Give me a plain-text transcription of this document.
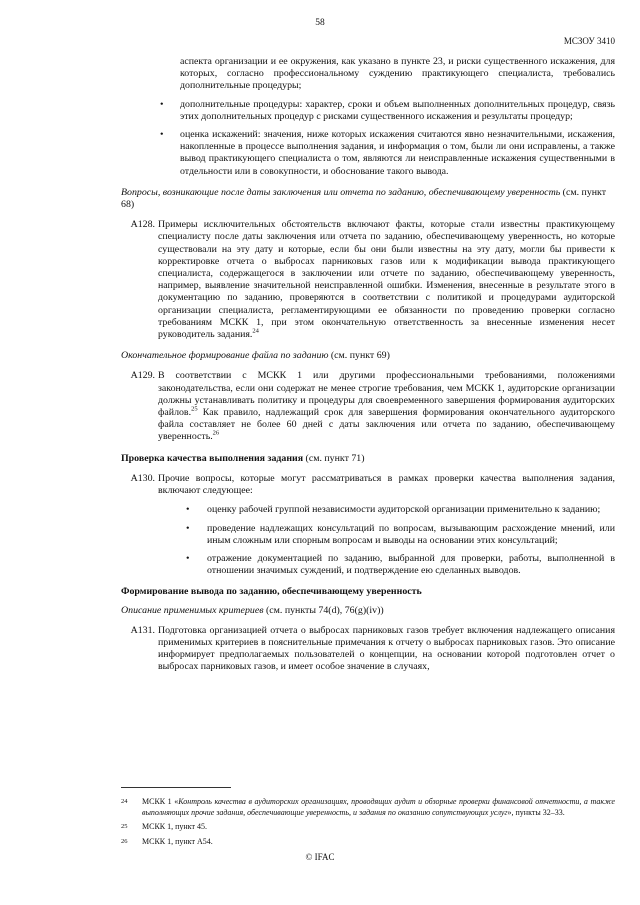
58
МСЗОУ 3410

аспекта организации и ее окружения, как указано в пункте 23, и риски существенного искажения, для которых, согласно профессиональному суждению практикующего специалиста, требовались дополнительные процедуры;

• дополнительные процедуры: характер, сроки и объем выполненных дополнительных процедур, связь этих дополнительных процедур с рисками существенного искажения и результаты процедур;
• оценка искажений: значения, ниже которых искажения считаются явно незначительными, искажения, накопленные в процессе выполнения задания, и информация о том, были ли они исправлены, а также вывод практикующего специалиста о том, являются ли неисправленные искажения существенными в отдельности или в совокупности, и обоснование такого вывода.

Вопросы, возникающие после даты заключения или отчета по заданию, обеспечивающему уверенность (см. пункт 68)

A128. Примеры исключительных обстоятельств включают факты, которые стали известны практикующему специалисту после даты заключения или отчета по заданию, обеспечивающему уверенность, но которые существовали на эту дату и которые, если бы они были известны на эту дату, могли бы привести к корректировке отчета о выбросах парниковых газов или к модификации вывода практикующего специалиста, содержащегося в заключении или отчете по заданию, обеспечивающему уверенность, например, выявление значительной неисправленной ошибки. Изменения, внесенные в результате этого в документацию по заданию, проверяются в соответствии с политикой и процедурами аудиторской организации специалиста, регламентирующими ее обязанности по проведению проверки согласно требованиям МСКК 1, при этом окончательную ответственность за внесенные изменения несет руководитель задания.$^{24}$

Окончательное формирование файла по заданию (см. пункт 69)

A129. В соответствии с МСКК 1 или другими профессиональными требованиями, положениями законодательства, если они содержат не менее строгие требования, чем МСКК 1, аудиторские организации должны устанавливать политику и процедуры для своевременного завершения формирования аудиторских файлов.$^{25}$ Как правило, надлежащий срок для завершения формирования окончательного аудиторского файла составляет не более 60 дней с даты заключения или отчета по заданию, обеспечивающему уверенность.$^{26}$

Проверка качества выполнения задания (см. пункт 71)

A130. Прочие вопросы, которые могут рассматриваться в рамках проверки качества выполнения задания, включают следующее:
• оценку рабочей группой независимости аудиторской организации применительно к заданию;
• проведение надлежащих консультаций по вопросам, вызывающим расхождение мнений, или иным сложным или спорным вопросам и выводы на основании этих консультаций;
• отражение документацией по заданию, выбранной для проверки, работы, выполненной в отношении значимых суждений, и подтверждение ею сделанных выводов.

Формирование вывода по заданию, обеспечивающему уверенность

Описание применимых критериев (см. пункты 74(d), 76(g)(iv))

A131. Подготовка организацией отчета о выбросах парниковых газов требует включения надлежащего описания применимых критериев в пояснительные примечания к отчету о выбросах парниковых газов. Это описание информирует предполагаемых пользователей о концепции, на основании которой подготовлен отчет о выбросах парниковых газов, и имеет особое значение в случаях,
24 МСКК 1 «Контроль качества в аудиторских организациях, проводящих аудит и обзорные проверки финансовой отчетности, а также выполняющих прочие задания, обеспечивающие уверенность, и задания по оказанию сопутствующих услуг», пункты 32–33.
25 МСКК 1, пункт 45.
26 МСКК 1, пункт A54.
© IFAC
